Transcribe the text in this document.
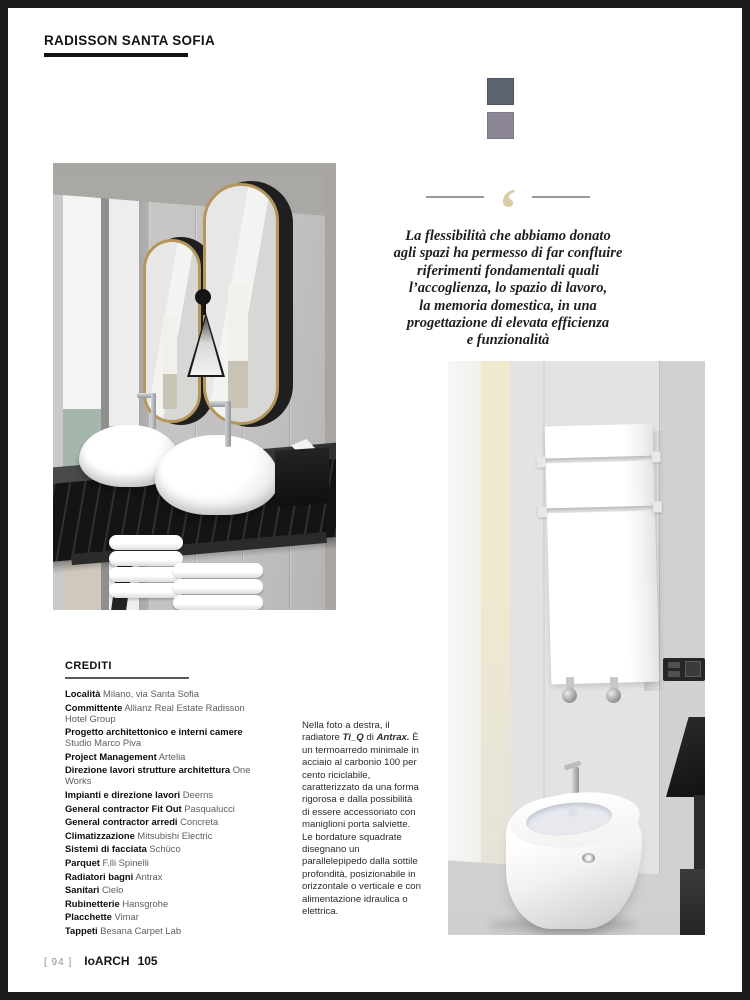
RADISSON SANTA SOFIA
‘
La flessibilità che abbiamo donato
agli spazi ha permesso di far confluire
riferimenti fondamentali quali
l’accoglienza, lo spazio di lavoro,
la memoria domestica, in una
progettazione di elevata efficienza
e funzionalità
CREDITI
Località Milano, via Santa Sofia
Committente Allianz Real Estate Radisson Hotel Group
Progetto architettonico e interni camere Studio Marco Piva
Project Management Artelia
Direzione lavori strutture architettura One Works
Impianti e direzione lavori Deerns
General contractor Fit Out Pasqualucci
General contractor arredi Concreta
Climatizzazione Mitsubishi Electric
Sistemi di facciata Schüco
Parquet F.lli Spinelli
Radiatori bagni Antrax
Sanitari Cielo
Rubinetterie Hansgrohe
Placchette Vimar
Tappeti Besana Carpet Lab
Nella foto a destra, il radiatore Ti_Q di Antrax. È un termoarredo minimale in acciaio al carbonio 100 per cento riciclabile, caratterizzato da una forma rigorosa e dalla possibilità di essere accessoriato con maniglioni porta salviette. Le bordature squadrate disegnano un parallelepipedo dalla sottile profondità, posizionabile in orizzontale o verticale e con alimentazione idraulica o elettrica.
[ 94 ] IoARCH 105
